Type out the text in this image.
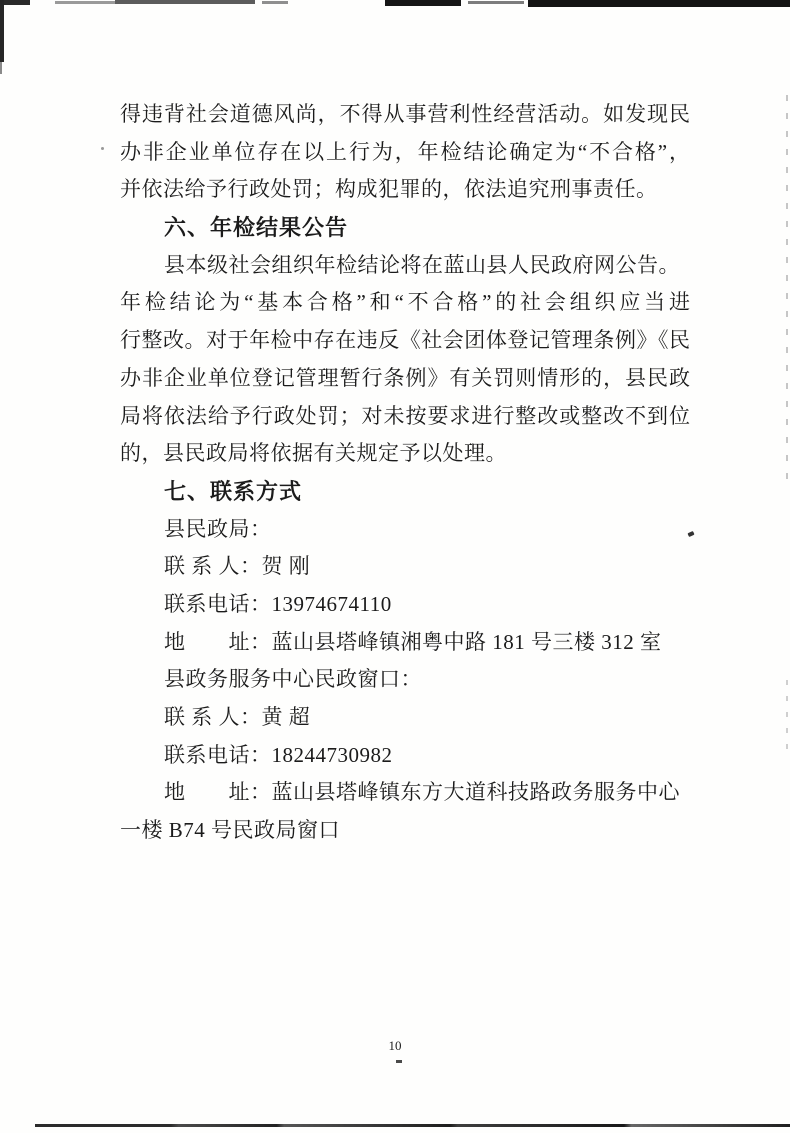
得违背社会道德风尚，不得从事营利性经营活动。如发现民
办非企业单位存在以上行为，年检结论确定为“不合格”，
并依法给予行政处罚；构成犯罪的，依法追究刑事责任。
六、年检结果公告
县本级社会组织年检结论将在蓝山县人民政府网公告。
年检结论为“基本合格”和“不合格”的社会组织应当进
行整改。对于年检中存在违反《社会团体登记管理条例》《民
办非企业单位登记管理暂行条例》有关罚则情形的，县民政
局将依法给予行政处罚；对未按要求进行整改或整改不到位
的，县民政局将依据有关规定予以处理。
七、联系方式
县民政局：
联 系 人：贺 刚
联系电话：13974674110
地　　址：蓝山县塔峰镇湘粤中路 181 号三楼 312 室
县政务服务中心民政窗口：
联 系 人：黄 超
联系电话：18244730982
地　　址：蓝山县塔峰镇东方大道科技路政务服务中心
一楼 B74 号民政局窗口
10
